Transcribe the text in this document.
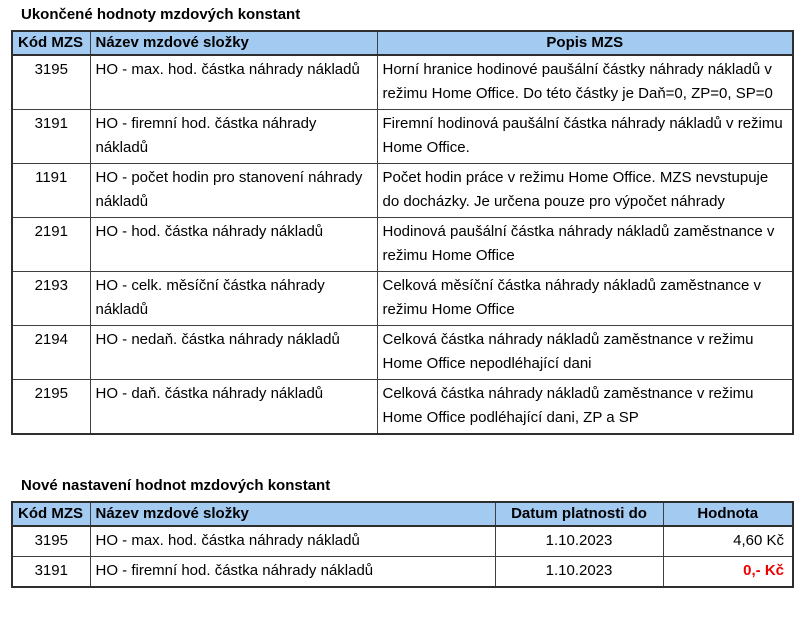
Ukončené hodnoty mzdových konstant
Kód MZS	Název mzdové složky	Popis MZS
3195	HO - max. hod. částka náhrady nákladů	Horní hranice hodinové paušální částky náhrady nákladů v režimu Home Office. Do této částky je Daň=0, ZP=0, SP=0
3191	HO - firemní hod. částka náhrady nákladů	Firemní hodinová paušální částka náhrady nákladů v režimu Home Office.
1191	HO - počet hodin pro stanovení náhrady nákladů	Počet hodin práce v režimu Home Office. MZS nevstupuje do docházky. Je určena pouze pro výpočet náhrady
2191	HO - hod. částka náhrady nákladů	Hodinová paušální částka náhrady nákladů zaměstnance v režimu Home Office
2193	HO - celk. měsíční částka náhrady nákladů	Celková měsíční částka náhrady nákladů zaměstnance v režimu Home Office
2194	HO - nedaň. částka náhrady nákladů	Celková částka náhrady nákladů zaměstnance v režimu Home Office nepodléhající dani
2195	HO - daň. částka náhrady nákladů	Celková částka náhrady nákladů zaměstnance v režimu Home Office podléhající dani, ZP a SP
Nové nastavení hodnot mzdových konstant
Kód MZS	Název mzdové složky	Datum platnosti do	Hodnota
3195	HO - max. hod. částka náhrady nákladů	1.10.2023	4,60 Kč
3191	HO - firemní hod. částka náhrady nákladů	1.10.2023	0,- Kč
